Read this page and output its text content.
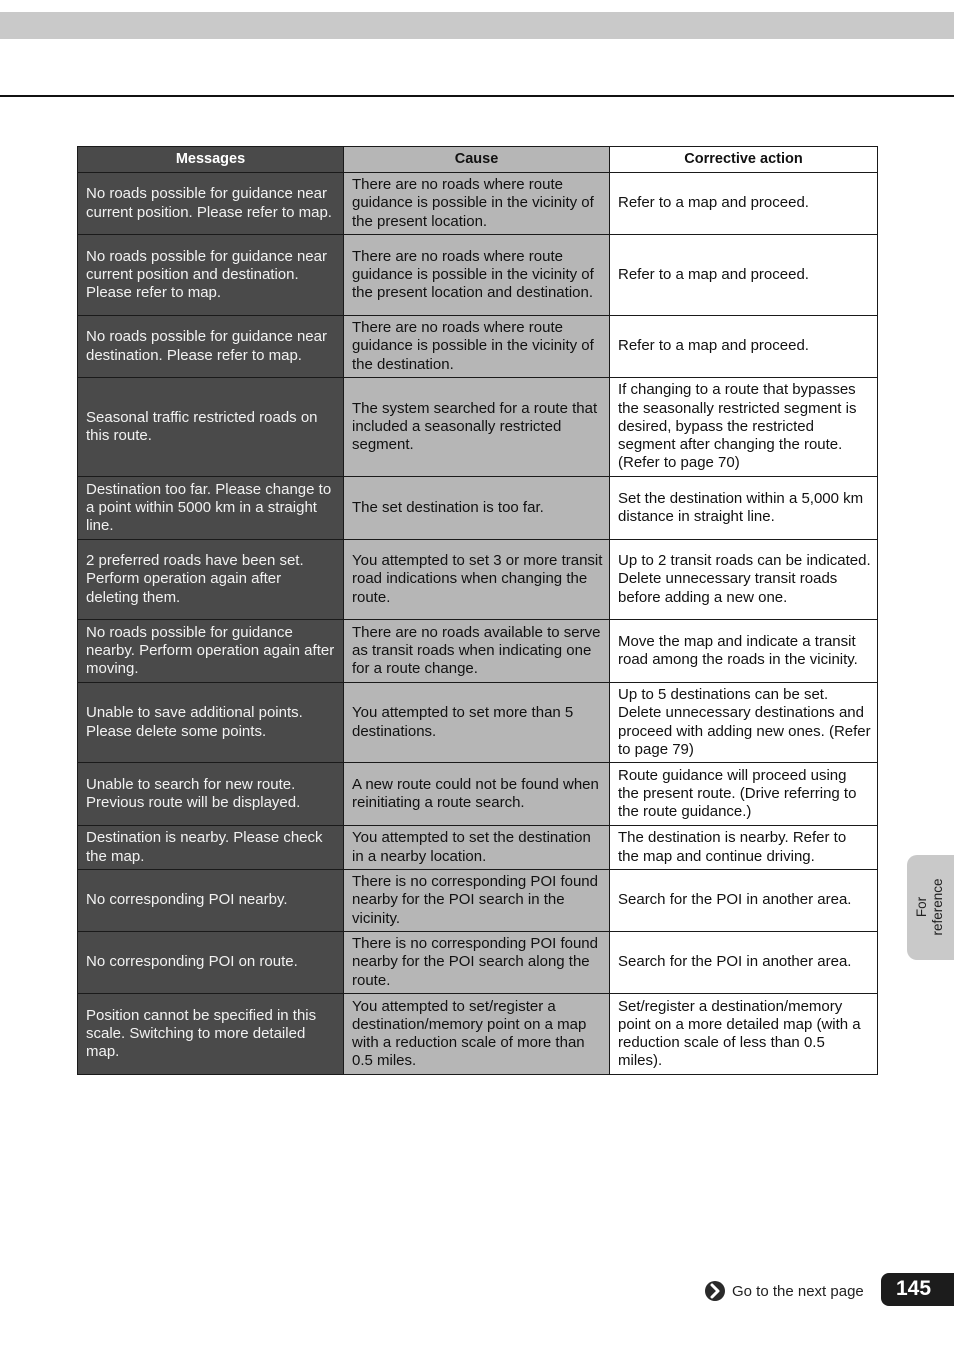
Messages	Cause	Corrective action
No roads possible for guidance near current position. Please refer to map.	There are no roads where route guidance is possible in the vicinity of the present location.	Refer to a map and proceed.
No roads possible for guidance near current position and destination. Please refer to map.	There are no roads where route guidance is possible in the vicinity of the present location and destination.	Refer to a map and proceed.
No roads possible for guidance near destination. Please refer to map.	There are no roads where route guidance is possible in the vicinity of the destination.	Refer to a map and proceed.
Seasonal traffic restricted roads on this route.	The system searched for a route that included a seasonally restricted segment.	If changing to a route that bypasses the seasonally restricted segment is desired, bypass the restricted segment after changing the route. (Refer to page 70)
Destination too far. Please change to a point within 5000 km in a straight line.	The set destination is too far.	Set the destination within a 5,000 km distance in straight line.
2 preferred roads have been set. Perform operation again after deleting them.	You attempted to set 3 or more transit road indications when changing the route.	Up to 2 transit roads can be indicated. Delete unnecessary transit roads before adding a new one.
No roads possible for guidance nearby. Perform operation again after moving.	There are no roads available to serve as transit roads when indicating one for a route change.	Move the map and indicate a transit road among the roads in the vicinity.
Unable to save additional points. Please delete some points.	You attempted to set more than 5 destinations.	Up to 5 destinations can be set. Delete unnecessary destinations and proceed with adding new ones. (Refer to page 79)
Unable to search for new route. Previous route will be displayed.	A new route could not be found when reinitiating a route search.	Route guidance will proceed using the present route. (Drive referring to the route guidance.)
Destination is nearby. Please check the map.	You attempted to set the destination in a nearby location.	The destination is nearby. Refer to the map and continue driving.
No corresponding POI nearby.	There is no corresponding POI found nearby for the POI search in the vicinity.	Search for the POI in another area.
No corresponding POI on route.	There is no corresponding POI found nearby for the POI search along the route.	Search for the POI in another area.
Position cannot be specified in this scale. Switching to more detailed map.	You attempted to set/register a destination/memory point on a map with a reduction scale of more than 0.5 miles.	Set/register a destination/memory point on a more detailed map (with a reduction scale of less than 0.5 miles).
For
reference
Go to the next page 145
